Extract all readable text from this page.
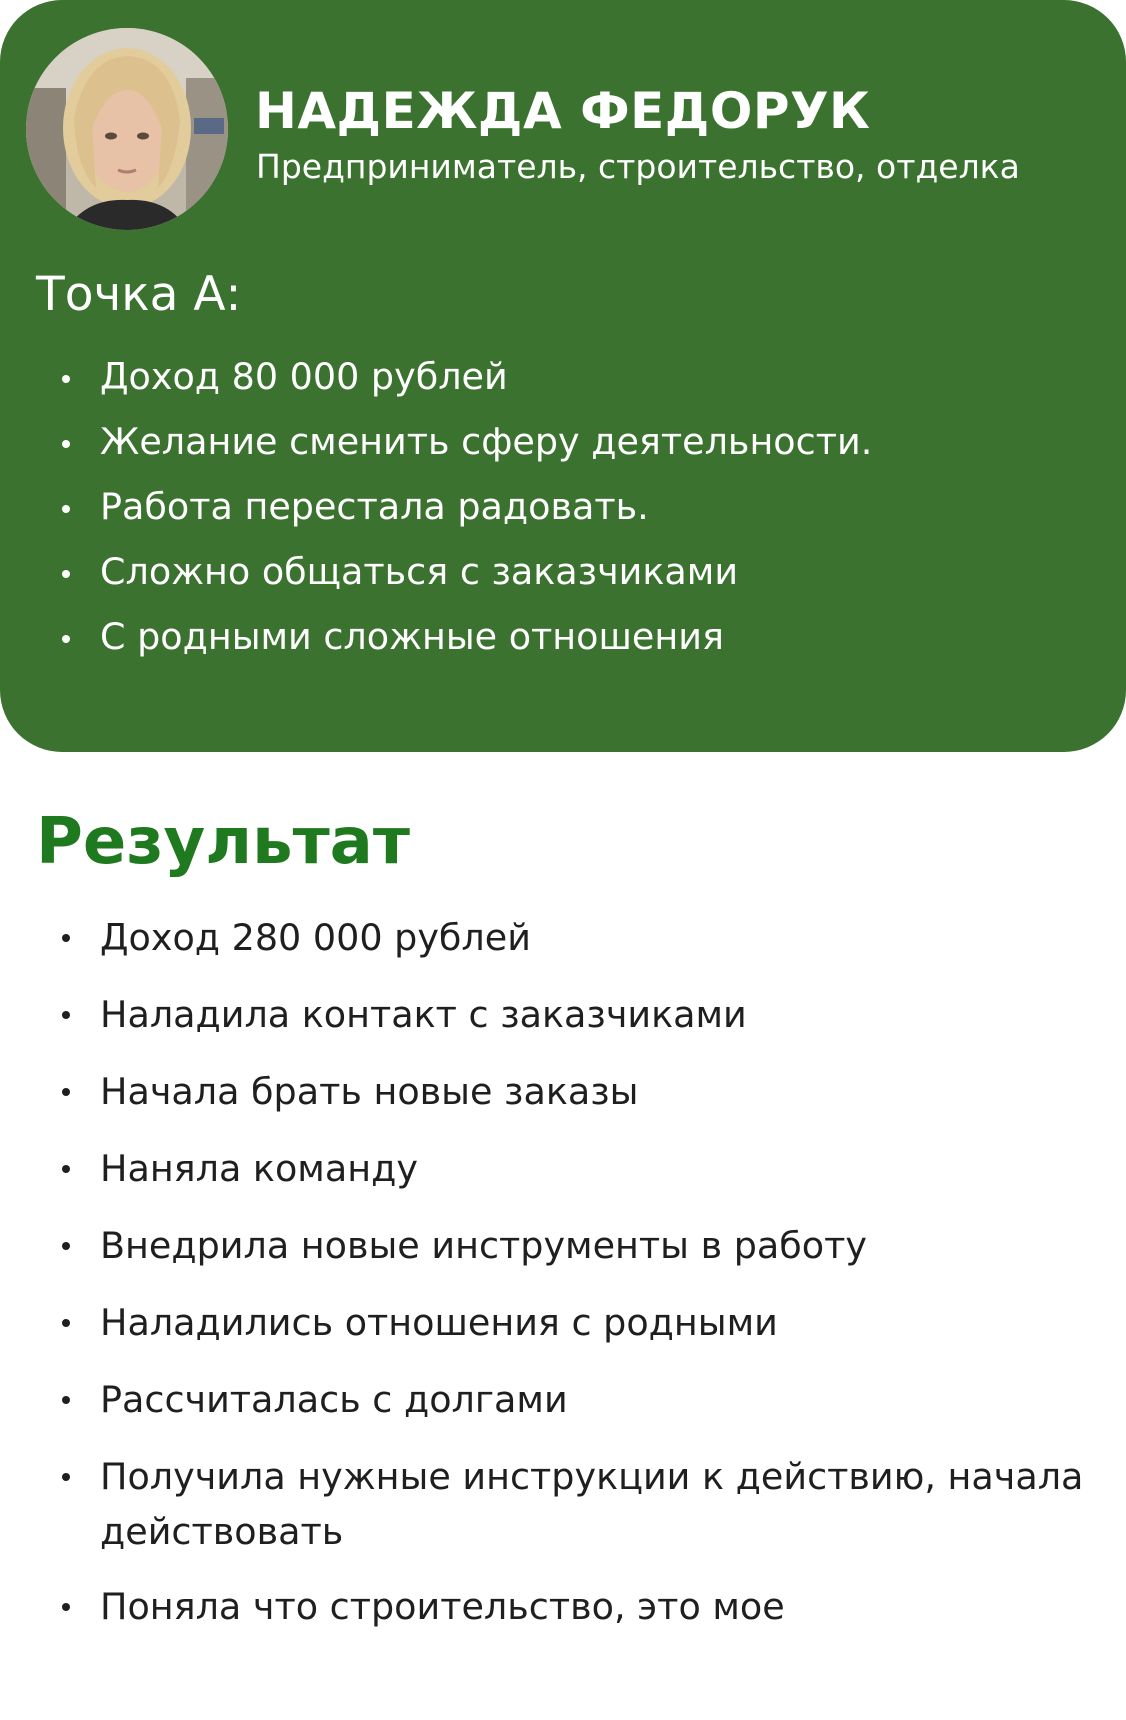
НАДЕЖДА ФЕДОРУК

Предприниматель, строительство, отделка

Точка А:
Доход 80 000 рублей
Желание сменить сферу деятельности.
Работа перестала радовать.
Сложно общаться с заказчиками
С родными сложные отношения
Результат
Доход 280 000 рублей
Наладила контакт с заказчиками
Начала брать новые заказы
Наняла команду
Внедрила новые инструменты в работу
Наладились отношения с родными
Рассчиталась с долгами
Получила нужные инструкции к действию, начала действовать
Поняла что строительство, это мое
